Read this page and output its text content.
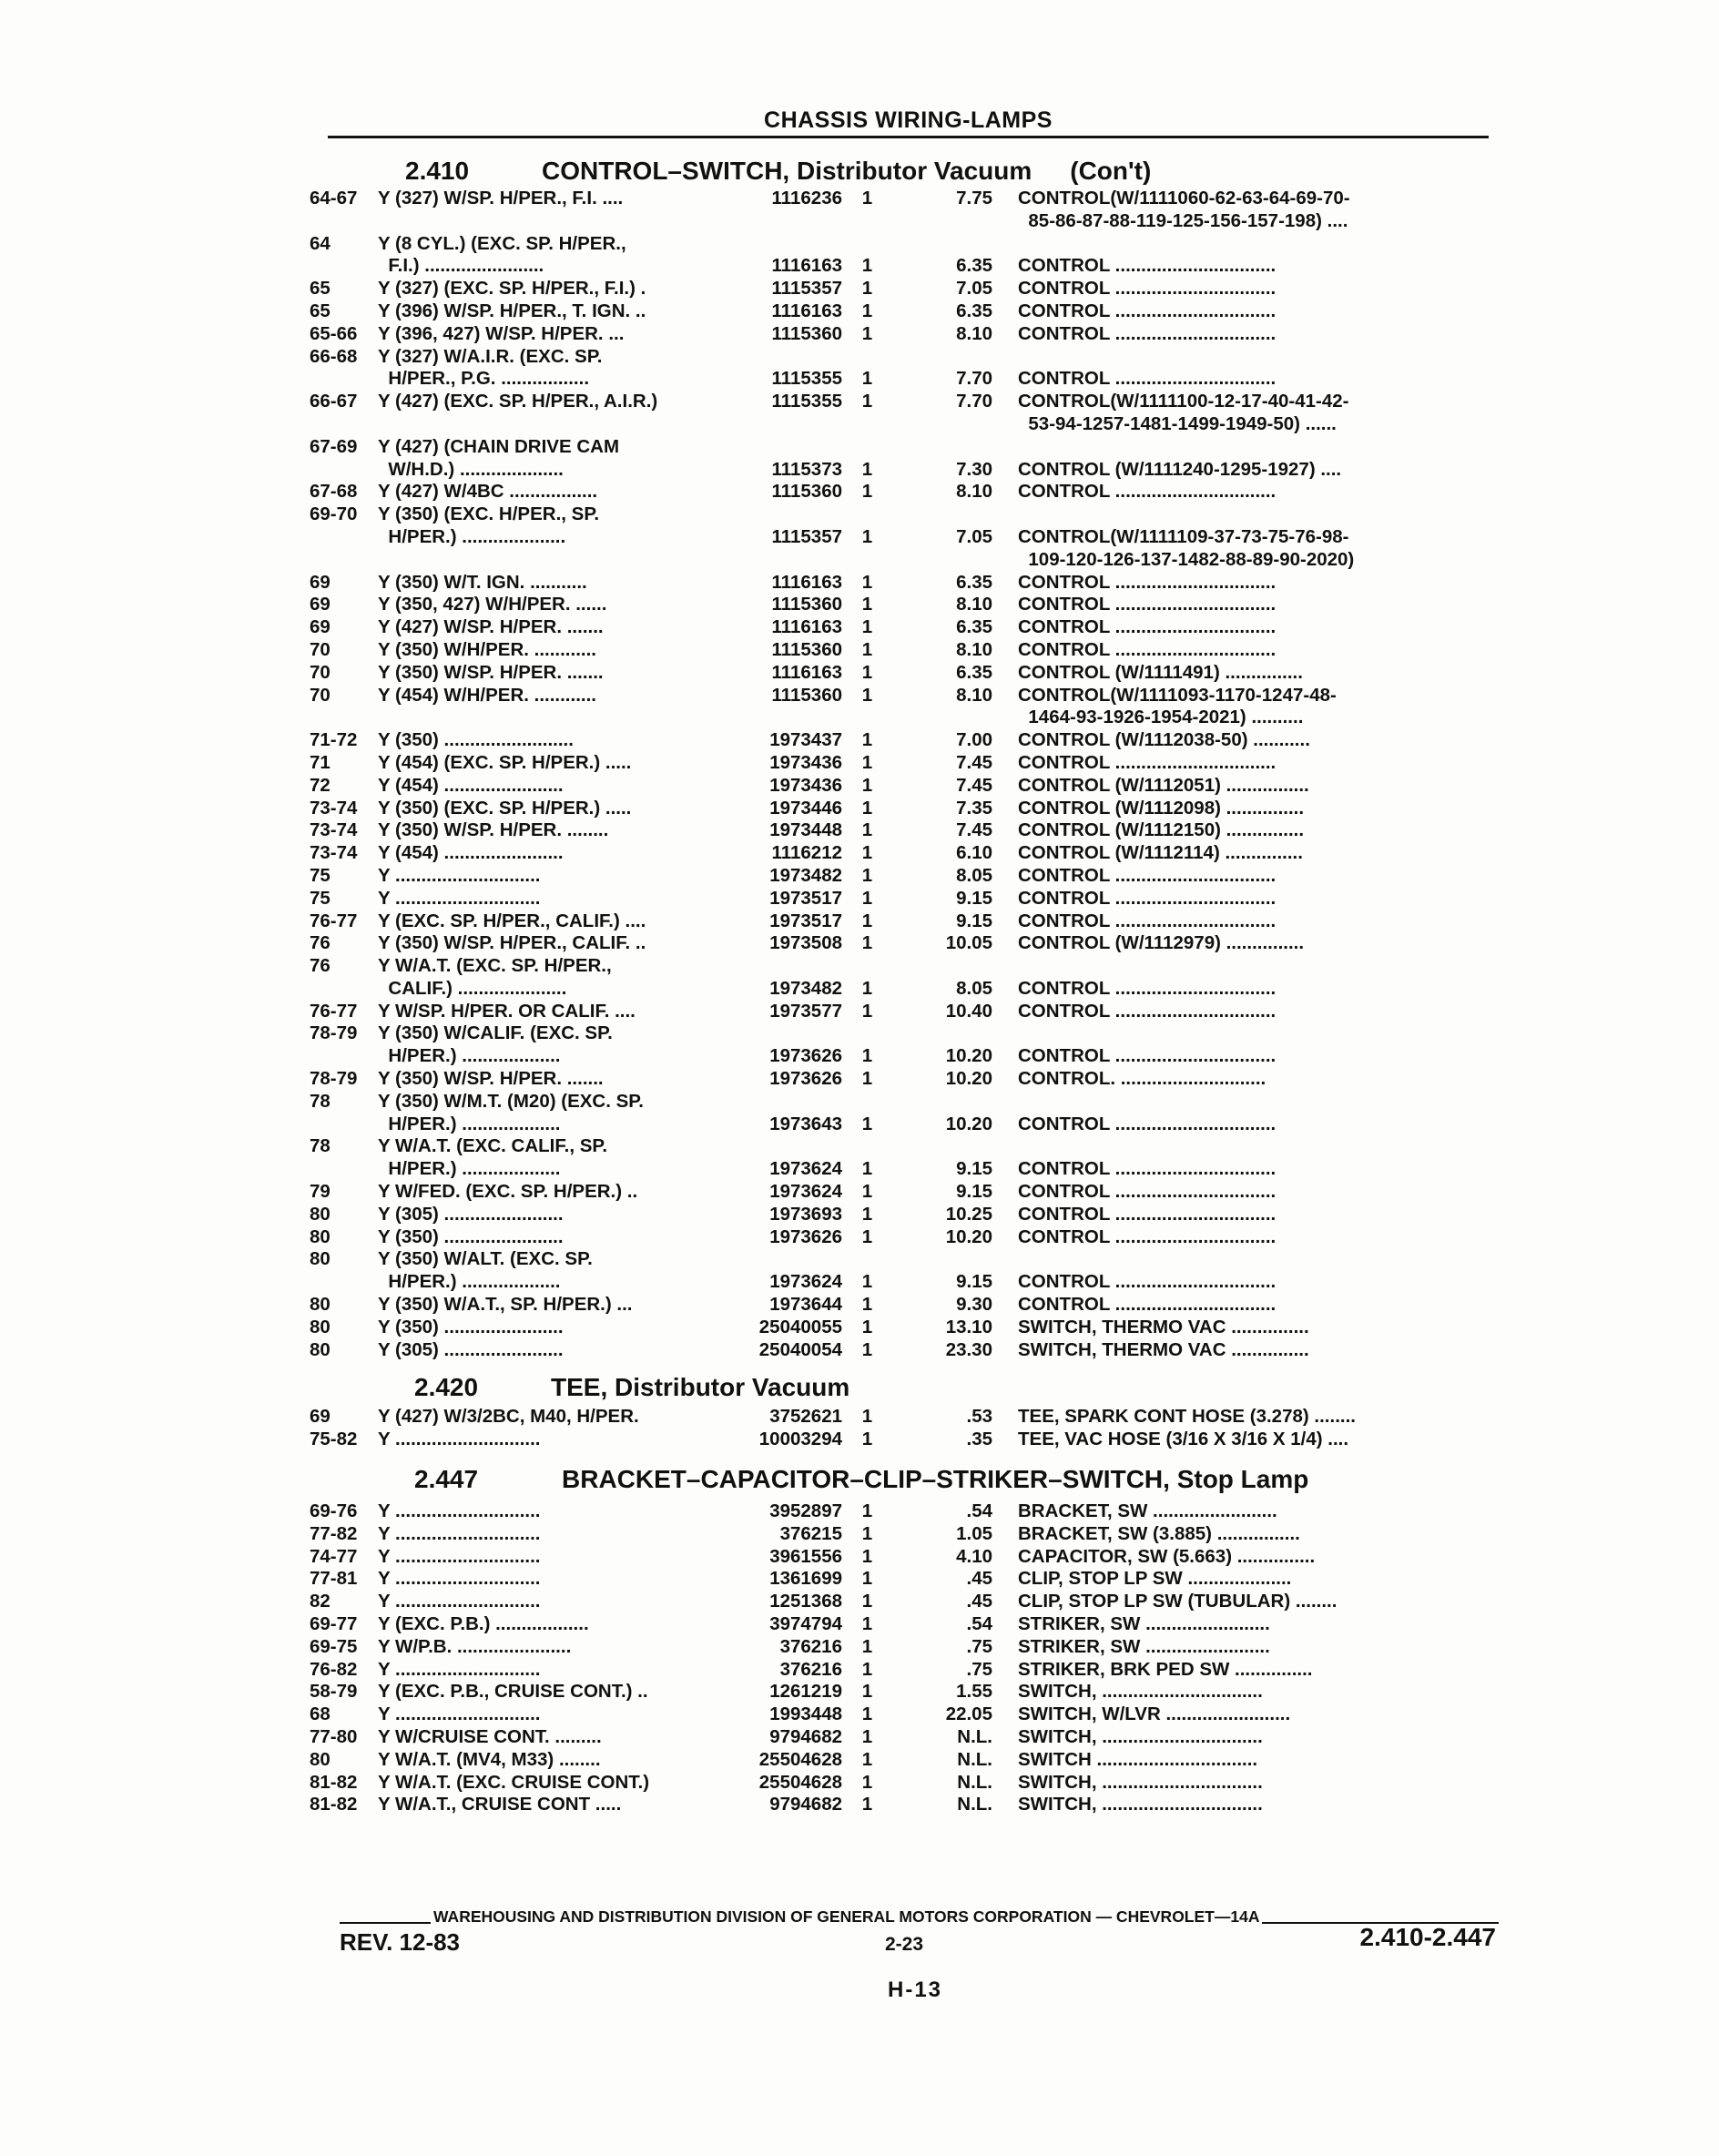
CHASSIS WIRING-LAMPS
2.410	CONTROL–SWITCH, Distributor Vacuum (Con't)
64-67	Y (327) W/SP. H/PER., F.I. ....	1116236	1	7.75	CONTROL(W/1111060-62-63-64-69-70-
85-86-87-88-119-125-156-157-198) ....
64	Y (8 CYL.) (EXC. SP. H/PER.,
F.I.) .......................	1116163	1	6.35	CONTROL ...............................
65	Y (327) (EXC. SP. H/PER., F.I.) .	1115357	1	7.05	CONTROL ...............................
65	Y (396) W/SP. H/PER., T. IGN. ..	1116163	1	6.35	CONTROL ...............................
65-66	Y (396, 427) W/SP. H/PER. ...	1115360	1	8.10	CONTROL ...............................
66-68	Y (327) W/A.I.R. (EXC. SP.
H/PER., P.G. .................	1115355	1	7.70	CONTROL ...............................
66-67	Y (427) (EXC. SP. H/PER., A.I.R.)	1115355	1	7.70	CONTROL(W/1111100-12-17-40-41-42-
53-94-1257-1481-1499-1949-50) ......
67-69	Y (427) (CHAIN DRIVE CAM
W/H.D.) ....................	1115373	1	7.30	CONTROL (W/1111240-1295-1927) ....
67-68	Y (427) W/4BC .................	1115360	1	8.10	CONTROL ...............................
69-70	Y (350) (EXC. H/PER., SP.
H/PER.) ....................	1115357	1	7.05	CONTROL(W/1111109-37-73-75-76-98-
109-120-126-137-1482-88-89-90-2020)
69	Y (350) W/T. IGN. ...........	1116163	1	6.35	CONTROL ...............................
69	Y (350, 427) W/H/PER. ......	1115360	1	8.10	CONTROL ...............................
69	Y (427) W/SP. H/PER. .......	1116163	1	6.35	CONTROL ...............................
70	Y (350) W/H/PER. ............	1115360	1	8.10	CONTROL ...............................
70	Y (350) W/SP. H/PER. .......	1116163	1	6.35	CONTROL (W/1111491) ...............
70	Y (454) W/H/PER. ............	1115360	1	8.10	CONTROL(W/1111093-1170-1247-48-
1464-93-1926-1954-2021) ..........
71-72	Y (350) .........................	1973437	1	7.00	CONTROL (W/1112038-50) ...........
71	Y (454) (EXC. SP. H/PER.) .....	1973436	1	7.45	CONTROL ...............................
72	Y (454) .......................	1973436	1	7.45	CONTROL (W/1112051) ................
73-74	Y (350) (EXC. SP. H/PER.) .....	1973446	1	7.35	CONTROL (W/1112098) ...............
73-74	Y (350) W/SP. H/PER. ........	1973448	1	7.45	CONTROL (W/1112150) ...............
73-74	Y (454) .......................	1116212	1	6.10	CONTROL (W/1112114) ...............
75	Y ............................	1973482	1	8.05	CONTROL ...............................
75	Y ............................	1973517	1	9.15	CONTROL ...............................
76-77	Y (EXC. SP. H/PER., CALIF.) ....	1973517	1	9.15	CONTROL ...............................
76	Y (350) W/SP. H/PER., CALIF. ..	1973508	1	10.05	CONTROL (W/1112979) ...............
76	Y W/A.T. (EXC. SP. H/PER.,
CALIF.) .....................	1973482	1	8.05	CONTROL ...............................
76-77	Y W/SP. H/PER. OR CALIF. ....	1973577	1	10.40	CONTROL ...............................
78-79	Y (350) W/CALIF. (EXC. SP.
H/PER.) ...................	1973626	1	10.20	CONTROL ...............................
78-79	Y (350) W/SP. H/PER. .......	1973626	1	10.20	CONTROL. ............................
78	Y (350) W/M.T. (M20) (EXC. SP.
H/PER.) ...................	1973643	1	10.20	CONTROL ...............................
78	Y W/A.T. (EXC. CALIF., SP.
H/PER.) ...................	1973624	1	9.15	CONTROL ...............................
79	Y W/FED. (EXC. SP. H/PER.) ..	1973624	1	9.15	CONTROL ...............................
80	Y (305) .......................	1973693	1	10.25	CONTROL ...............................
80	Y (350) .......................	1973626	1	10.20	CONTROL ...............................
80	Y (350) W/ALT. (EXC. SP.
H/PER.) ...................	1973624	1	9.15	CONTROL ...............................
80	Y (350) W/A.T., SP. H/PER.) ...	1973644	1	9.30	CONTROL ...............................
80	Y (350) .......................	25040055	1	13.10	SWITCH, THERMO VAC ...............
80	Y (305) .......................	25040054	1	23.30	SWITCH, THERMO VAC ...............
2.420	TEE, Distributor Vacuum
69	Y (427) W/3/2BC, M40, H/PER.	3752621	1	.53	TEE, SPARK CONT HOSE (3.278) ........
75-82	Y ............................	10003294	1	.35	TEE, VAC HOSE (3/16 X 3/16 X 1/4) ....
2.447	BRACKET–CAPACITOR–CLIP–STRIKER–SWITCH, Stop Lamp
69-76	Y ............................	3952897	1	.54	BRACKET, SW ........................
77-82	Y ............................	376215	1	1.05	BRACKET, SW (3.885) ................
74-77	Y ............................	3961556	1	4.10	CAPACITOR, SW (5.663) ...............
77-81	Y ............................	1361699	1	.45	CLIP, STOP LP SW ....................
82	Y ............................	1251368	1	.45	CLIP, STOP LP SW (TUBULAR) ........
69-77	Y (EXC. P.B.) ..................	3974794	1	.54	STRIKER, SW ........................
69-75	Y W/P.B. ......................	376216	1	.75	STRIKER, SW ........................
76-82	Y ............................	376216	1	.75	STRIKER, BRK PED SW ...............
58-79	Y (EXC. P.B., CRUISE CONT.) ..	1261219	1	1.55	SWITCH, ...............................
68	Y ............................	1993448	1	22.05	SWITCH, W/LVR ........................
77-80	Y W/CRUISE CONT. .........	9794682	1	N.L.	SWITCH, ...............................
80	Y W/A.T. (MV4, M33) ........	25504628	1	N.L.	SWITCH ...............................
81-82	Y W/A.T. (EXC. CRUISE CONT.)	25504628	1	N.L.	SWITCH, ...............................
81-82	Y W/A.T., CRUISE CONT .....	9794682	1	N.L.	SWITCH, ...............................
WAREHOUSING AND DISTRIBUTION DIVISION OF GENERAL MOTORS CORPORATION — CHEVROLET—14A
REV. 12-83	2-23	2.410-2.447
H-13
